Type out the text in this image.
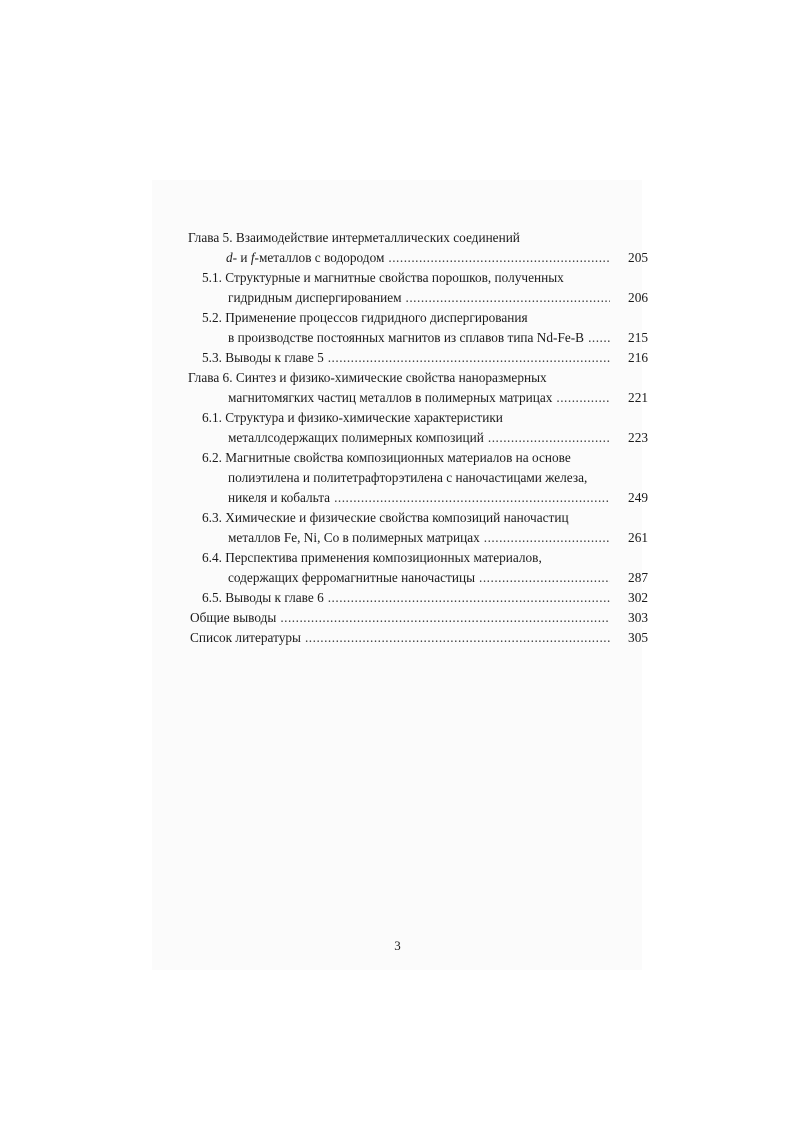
Глава 5. Взаимодействие интерметаллических соединений
d- и f-металлов с водородом .....	205
5.1. Структурные и магнитные свойства порошков, полученных
гидридным диспергированием .....	206
5.2. Применение процессов гидридного диспергирования
в производстве постоянных магнитов из сплавов типа Nd-Fe-B .....	215
5.3. Выводы к главе 5 .....	216
Глава 6. Синтез и физико-химические свойства наноразмерных
магнитомягких частиц металлов в полимерных матрицах .....	221
6.1. Структура и физико-химические характеристики
металлсодержащих полимерных композиций .....	223
6.2. Магнитные свойства композиционных материалов на основе
полиэтилена и политетрафторэтилена с наночастицами железа,
никеля и кобальта .....	249
6.3. Химические и физические свойства композиций наночастиц
металлов Fe, Ni, Co в полимерных матрицах .....	261
6.4. Перспектива применения композиционных материалов,
содержащих ферромагнитные наночастицы .....	287
6.5. Выводы к главе 6 .....	302
Общие выводы .....	303
Список литературы .....	305
3
